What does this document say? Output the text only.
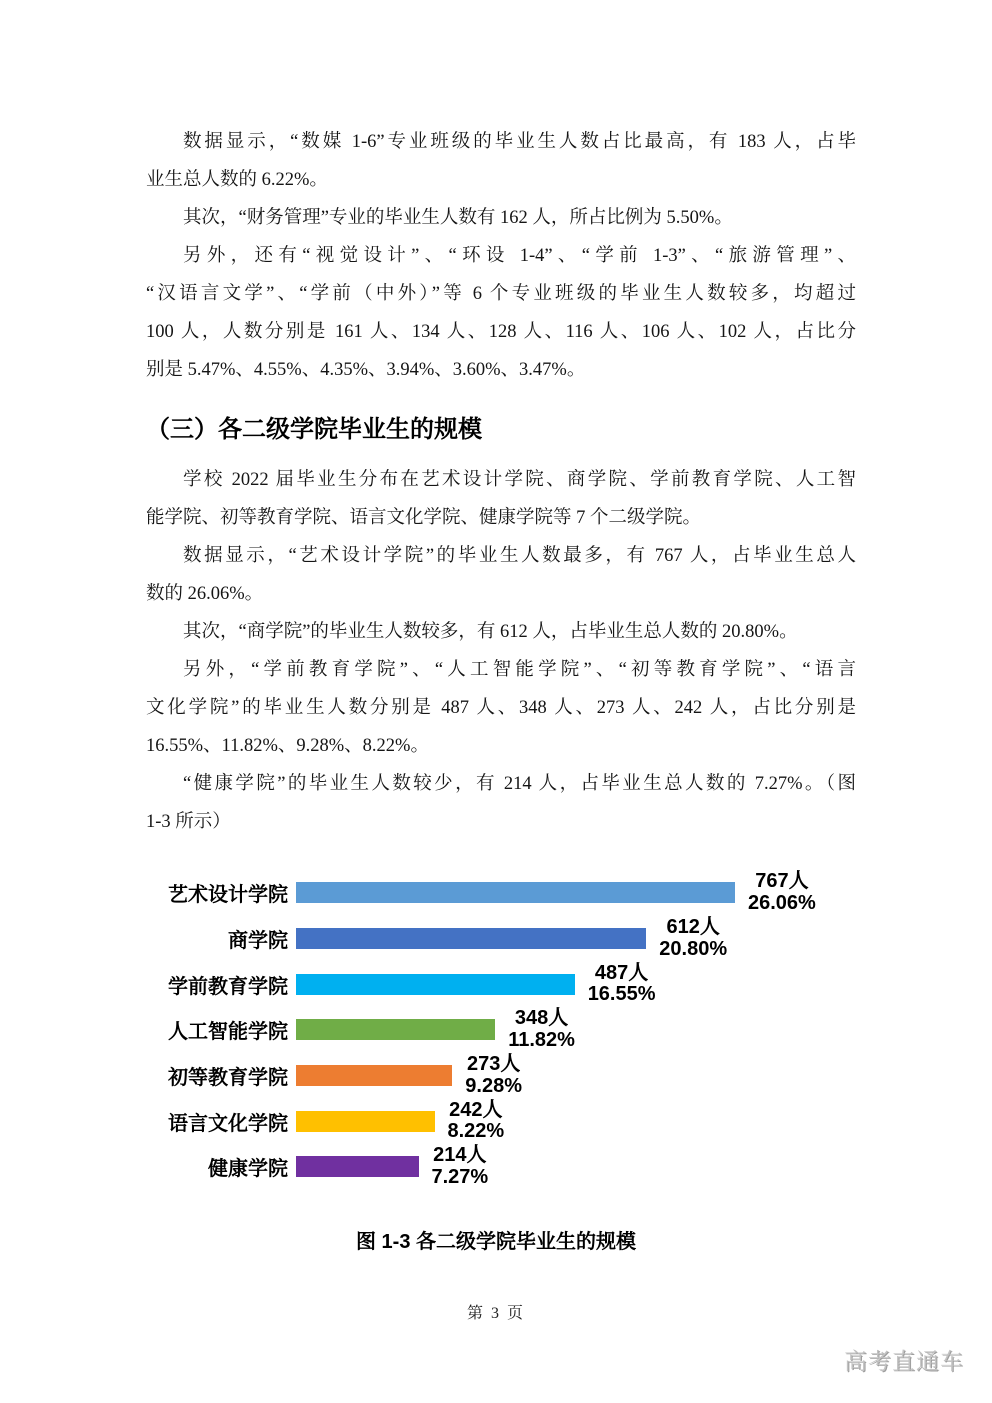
数据显示，“数媒 1-6”专业班级的毕业生人数占比最高，有 183 人，占毕
业生总人数的 6.22%。
其次，“财务管理”专业的毕业生人数有 162 人，所占比例为 5.50%。
另外，还有“视觉设计”、“环设 1-4”、“学前 1-3”、“旅游管理”、
“汉语言文学”、“学前（中外）”等 6 个专业班级的毕业生人数较多，均超过
100 人，人数分别是 161 人、134 人、128 人、116 人、106 人、102 人，占比分
别是 5.47%、4.55%、4.35%、3.94%、3.60%、3.47%。
（三）各二级学院毕业生的规模
学校 2022 届毕业生分布在艺术设计学院、商学院、学前教育学院、人工智
能学院、初等教育学院、语言文化学院、健康学院等 7 个二级学院。
数据显示，“艺术设计学院”的毕业生人数最多，有 767 人，占毕业生总人
数的 26.06%。
其次，“商学院”的毕业生人数较多，有 612 人，占毕业生总人数的 20.80%。
另外，“学前教育学院”、“人工智能学院”、“初等教育学院”、“语言
文化学院”的毕业生人数分别是 487 人、348 人、273 人、242 人，占比分别是
16.55%、11.82%、9.28%、8.22%。
“健康学院”的毕业生人数较少，有 214 人，占毕业生总人数的 7.27%。（图
1-3 所示）
艺术设计学院
767人
26.06%
商学院
612人
20.80%
学前教育学院
487人
16.55%
人工智能学院
348人
11.82%
初等教育学院
273人
9.28%
语言文化学院
242人
8.22%
健康学院
214人
7.27%
图 1-3 各二级学院毕业生的规模
第 3 页
高考直通车
